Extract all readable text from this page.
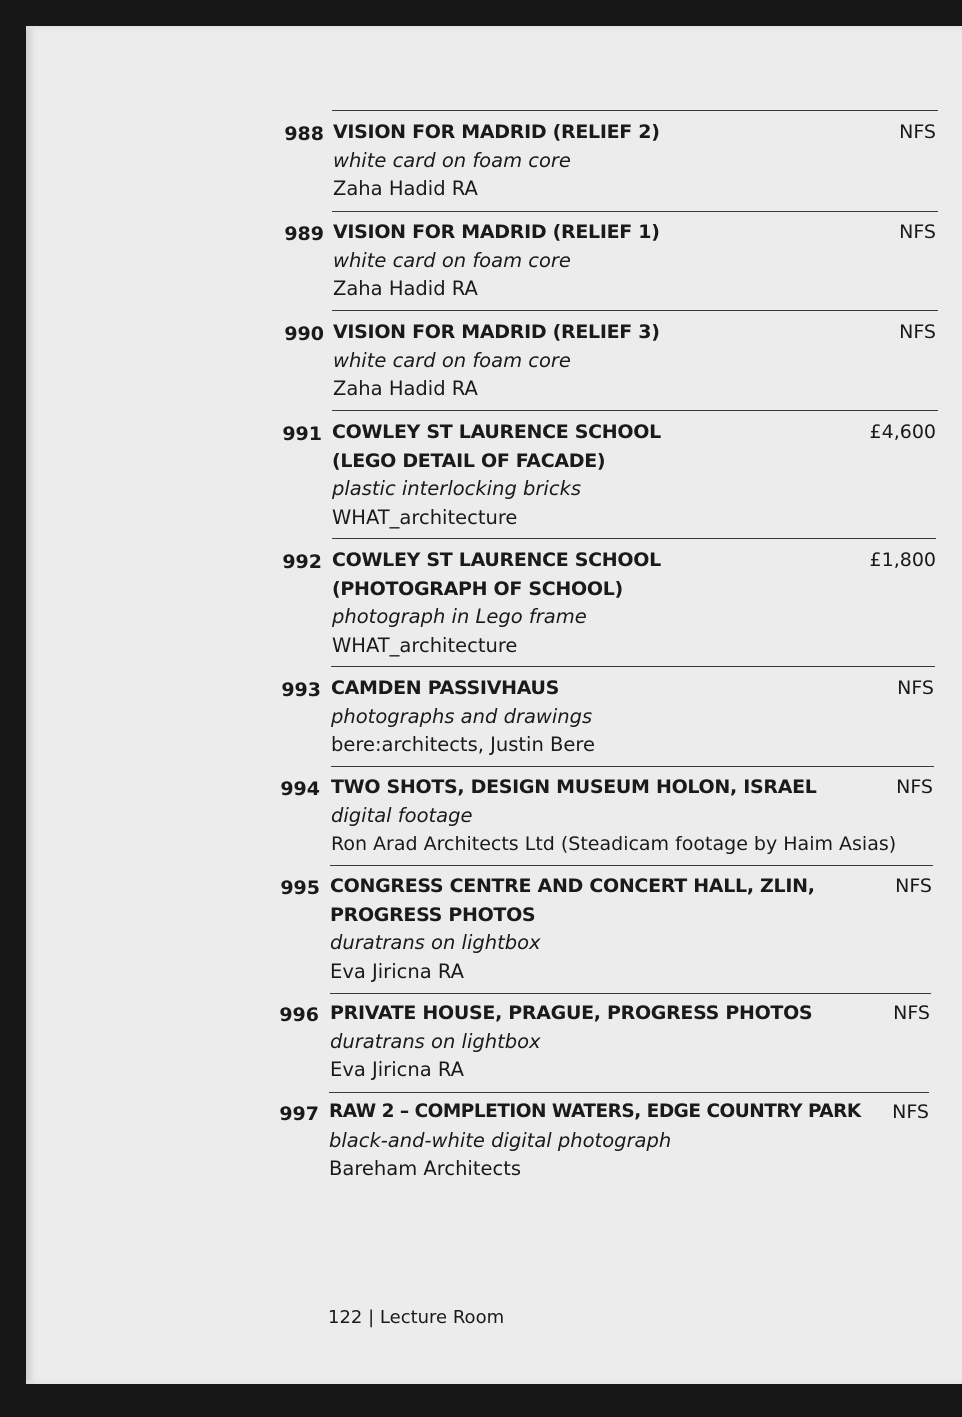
988 VISION FOR MADRID (RELIEF 2)
white card on foam core
Zaha Hadid RA
NFS
989 VISION FOR MADRID (RELIEF 1)
white card on foam core
Zaha Hadid RA
NFS
990 VISION FOR MADRID (RELIEF 3)
white card on foam core
Zaha Hadid RA
NFS
991 COWLEY ST LAURENCE SCHOOL
(LEGO DETAIL OF FACADE)
plastic interlocking bricks
WHAT_architecture
£4,600
992 COWLEY ST LAURENCE SCHOOL
(PHOTOGRAPH OF SCHOOL)
photograph in Lego frame
WHAT_architecture
£1,800
993 CAMDEN PASSIVHAUS
photographs and drawings
bere:architects, Justin Bere
NFS
994 TWO SHOTS, DESIGN MUSEUM HOLON, ISRAEL
digital footage
Ron Arad Architects Ltd (Steadicam footage by Haim Asias)
NFS
995 CONGRESS CENTRE AND CONCERT HALL, ZLIN,
PROGRESS PHOTOS
duratrans on lightbox
Eva Jiricna RA
NFS
996 PRIVATE HOUSE, PRAGUE, PROGRESS PHOTOS
duratrans on lightbox
Eva Jiricna RA
NFS
997 RAW 2 – COMPLETION WATERS, EDGE COUNTRY PARK
black-and-white digital photograph
Bareham Architects
NFS
122 | Lecture Room
